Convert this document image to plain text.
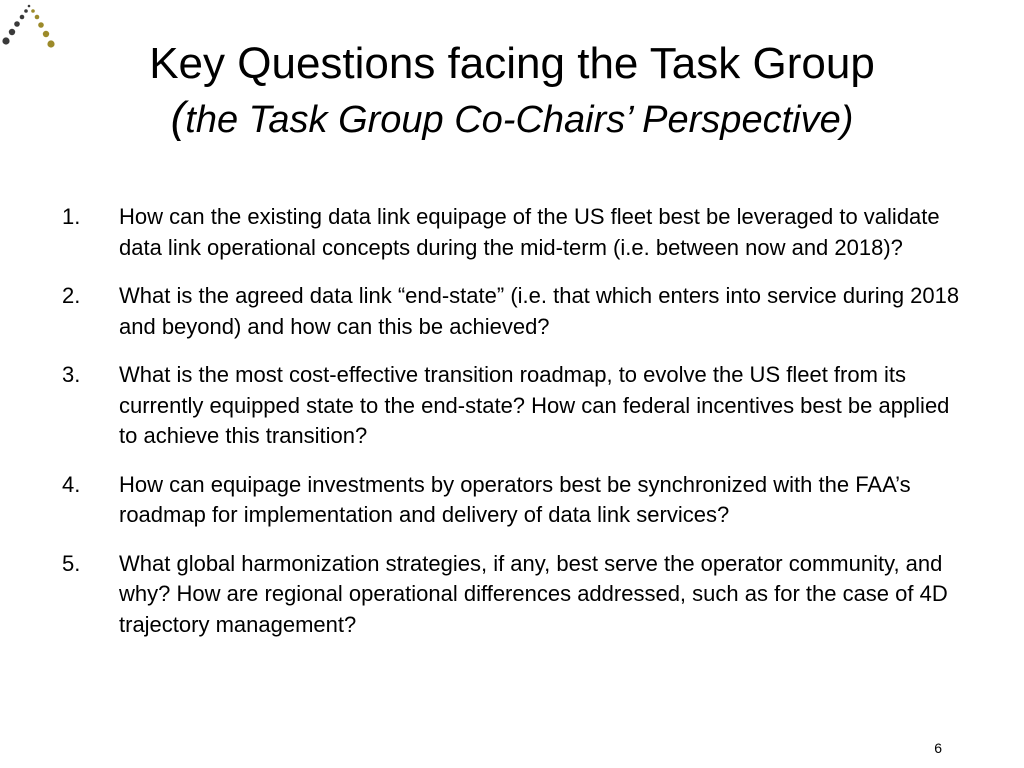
Key Questions facing the Task Group
(the Task Group Co-Chairs’ Perspective)
1. How can the existing data link equipage of the US fleet best be leveraged to validate data link operational concepts during the mid-term (i.e. between now and 2018)?
2. What is the agreed data link “end-state” (i.e. that which enters into service during 2018 and beyond) and how can this be achieved?
3. What is the most cost-effective transition roadmap, to evolve the US fleet from its currently equipped state to the end-state? How can federal incentives best be applied to achieve this transition?
4. How can equipage investments by operators best be synchronized with the FAA’s roadmap for implementation and delivery of data link services?
5. What global harmonization strategies, if any, best serve the operator community, and why? How are regional operational differences addressed, such as for the case of 4D trajectory management?
6
